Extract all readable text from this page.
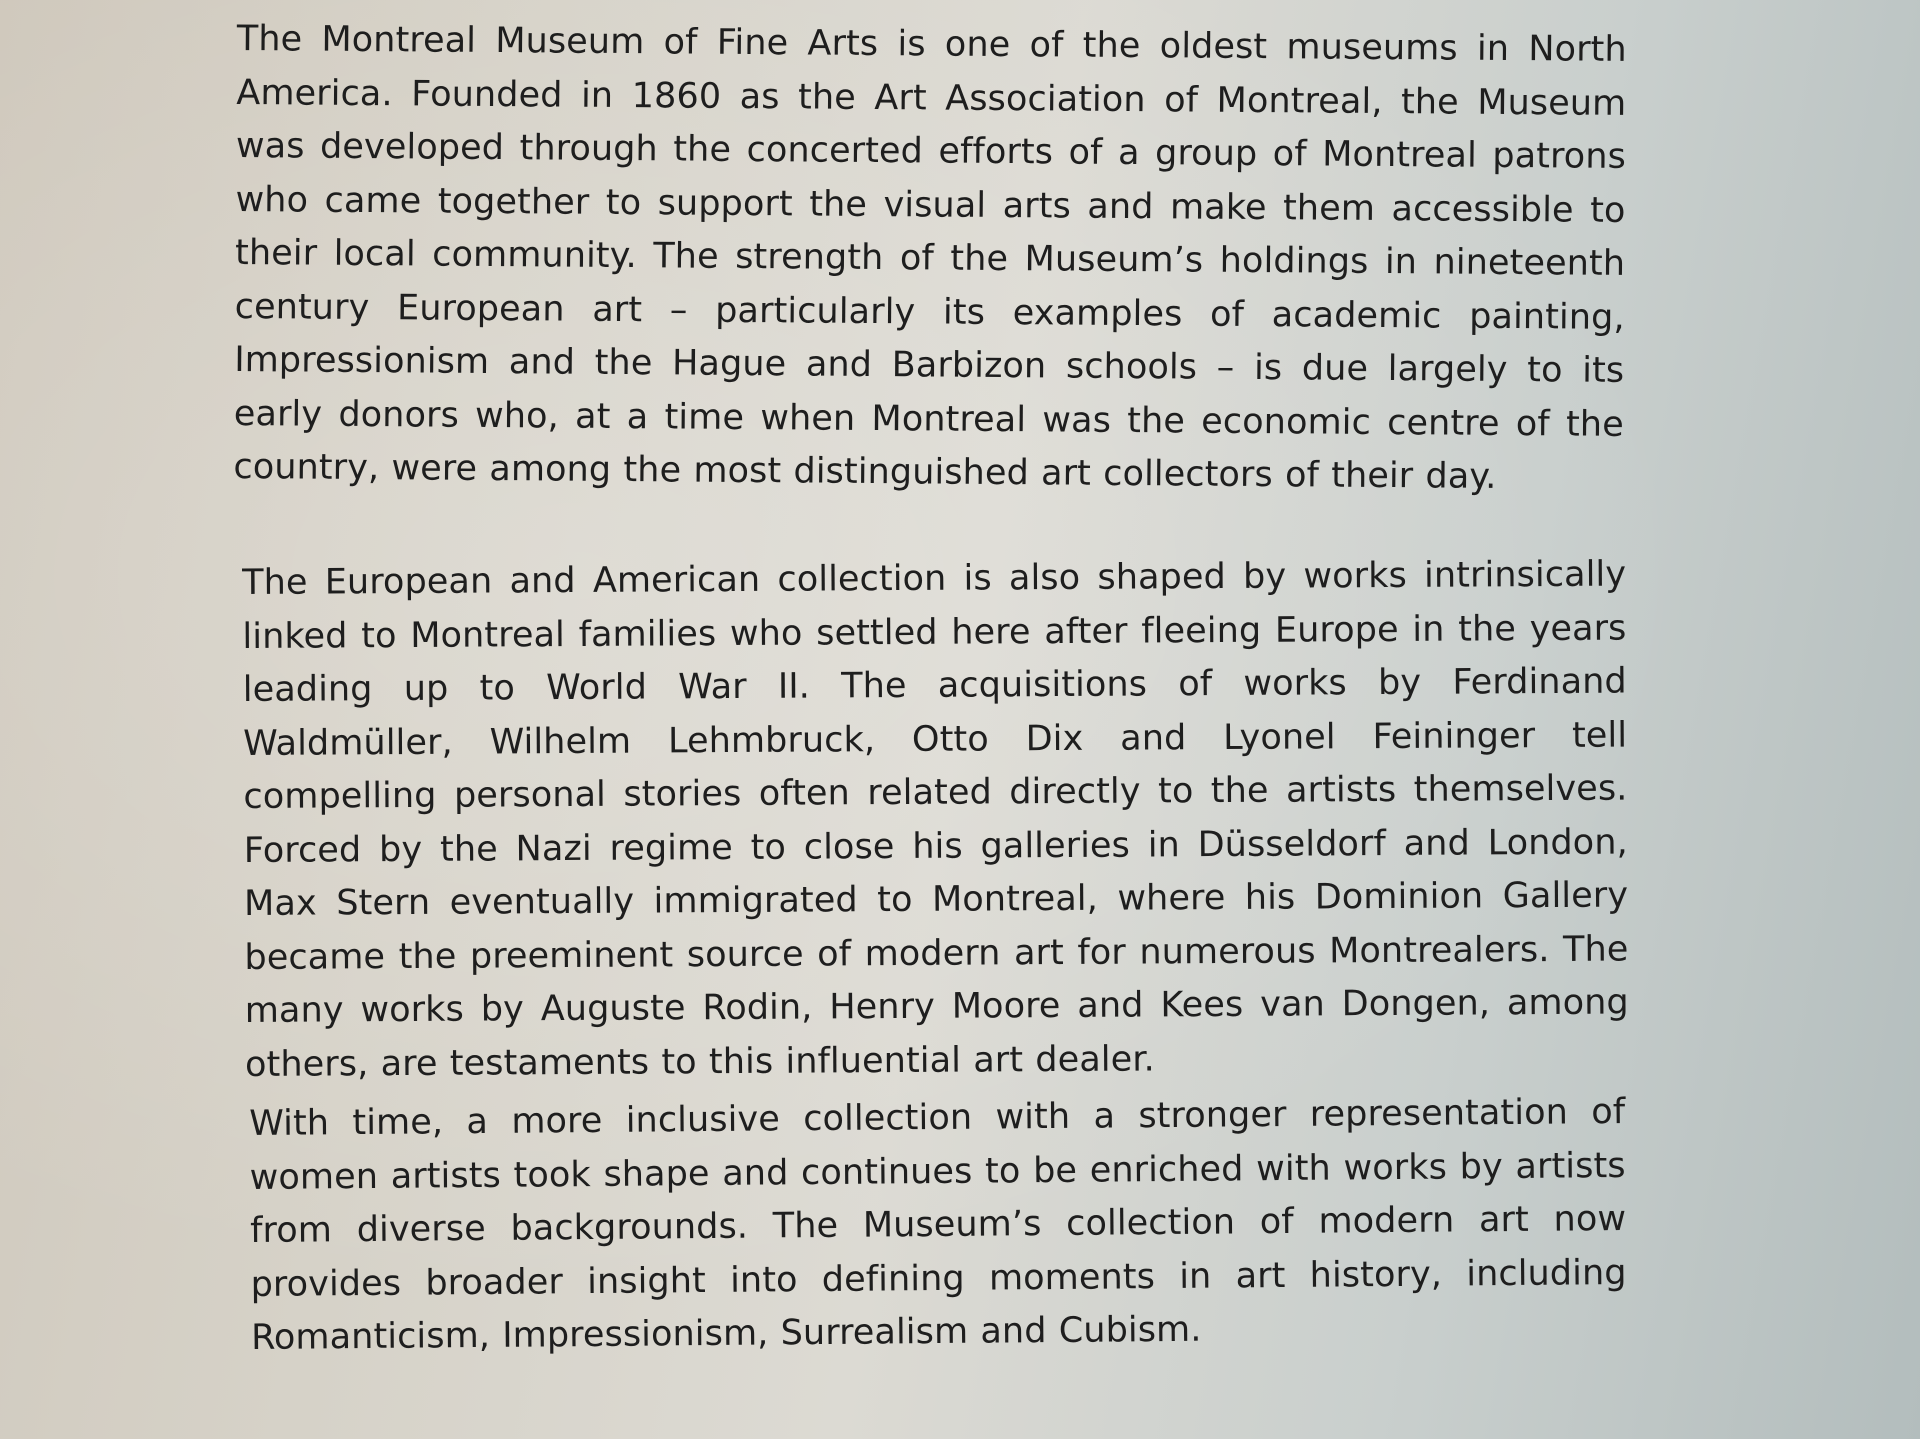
The Montreal Museum of Fine Arts is one of the oldest museums in North America. Founded in 1860 as the Art Association of Montreal, the Museum was developed through the concerted efforts of a group of Montreal patrons who came together to support the visual arts and make them accessible to their local community. The strength of the Museum’s holdings in nineteenth century European art – particularly its examples of academic painting, Impressionism and the Hague and Barbizon schools – is due largely to its early donors who, at a time when Montreal was the economic centre of the country, were among the most distinguished art collectors of their day.

The European and American collection is also shaped by works intrinsically linked to Montreal families who settled here after fleeing Europe in the years leading up to World War II. The acquisitions of works by Ferdinand Waldmüller, Wilhelm Lehmbruck, Otto Dix and Lyonel Feininger tell compelling personal stories often related directly to the artists themselves. Forced by the Nazi regime to close his galleries in Düsseldorf and London, Max Stern eventually immigrated to Montreal, where his Dominion Gallery became the preeminent source of modern art for numerous Montrealers. The many works by Auguste Rodin, Henry Moore and Kees van Dongen, among others, are testaments to this influential art dealer.

With time, a more inclusive collection with a stronger representation of women artists took shape and continues to be enriched with works by artists from diverse backgrounds. The Museum’s collection of modern art now provides broader insight into defining moments in art history, including Romanticism, Impressionism, Surrealism and Cubism.
